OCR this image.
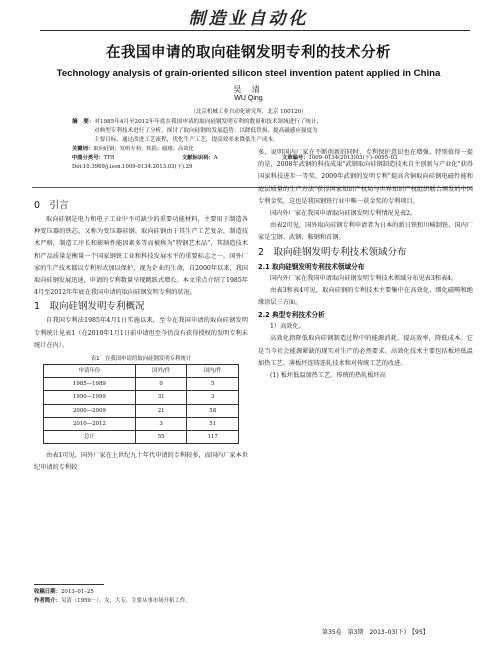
制造业自动化
在我国申请的取向硅钢发明专利的技术分析
Technology analysis of grain-oriented silicon steel invention patent applied in China
吴 清
WU Qing
（北京机械工业自动化研究所，北京 100120）
摘　要：对1985年4月至2012年年底在我国申请的取向硅钢发明专利的数量和技术领域进行了统计，
对典型专利技术进行了分析，探讨了取向硅钢的发展趋势：以降低铁损、提高磁感应强度为
主要目标，通过改进工艺流程，优化生产工艺，提高效率来降低生产成本。
关键词：取向硅钢；发明专利；铁损；磁感；高效化
中图分类号：TF8	文献标识码：A	文章编号：1009–0134(2013)03(下)–0095–03
Doi:10.3969/j.issn.1009-0134.2013.03(下).29
0　引言

取向硅钢是电力和电子工业中不可缺少的重要功能材料，主要用于制造各种变压器的铁芯，又称为变压器硅钢。取向硅钢由于其生产工艺复杂，制造技术严格，制造工序长和影响性能因素多等而被称为"特钢艺术品"，其制造技术和产品质量是衡量一个国家钢铁工业和科技发展水平的重要标志之一。国外厂家的生产技术都以专利形式加以保护，视为企业的生命，自2000年以来，我国取向硅钢发展迅速，申请的专利数量呈现跳跃式增长。本文重点介绍了1985年4月至2012年年底在我国申请的取向硅钢发明专利的状况。

1　取向硅钢发明专利概况

自我国专利法1985年4月1日实施以来，至今在我国申请的取向硅钢发明专利统计见表1（在2010年1月1日前申请但至今仍没有获得授权的发明专利未统计在内）。

表1　在我国申请的取向硅钢发明专利统计
申请年份	国外/件	国内/件
1985—1989	0	5
1990—1999	31	3
2000—2009	21	58
2010—2012	3	51
总计	55	117

由表1可见，国外厂家在上世纪九十年代申请的专利较多，而国内厂家本世纪申请的专利较

多，说明国内厂家在不断创新的同时，专利保护意识也在增强。特别值得一提的是，2008年武钢的科技成果"武钢取向硅钢制造技术自主创新与产业化"获得国家科技进步一等奖，2009年武钢的发明专利"提高含铜取向硅钢电磁性能和底层质量的生产方法"获得国家知识产权局与世界知识产权组织联合颁发的中国专利金奖，这也是我国钢铁行业中唯一获金奖的专利项目。

国内外厂家在我国申请取向硅钢发明专利情况见表2。

由表2可见，国外取向硅钢专利申请者为日本的新日铁和川崎制铁，国内厂家是宝钢、武钢、鞍钢和首钢。

2　取向硅钢发明专利技术领域分布
2.1 取向硅钢发明专利技术领域分布

国内外厂家在我国申请取向硅钢发明专利技术领域分布见表3和表4。

由表3和表4可见，取向硅钢的专利技术主要集中在高效化、细化磁畴和绝缘涂层三方面。

2.2 典型专利技术分析

1）高效化。

高效化指降低取向硅钢制造过程中的能源消耗，提高效率，降低成本。它是当今社会能源紧缺的现实对生产的必然要求。高效化技术主要包括板坯低温加热工艺、薄板坯连铸连轧技术和对传统工艺的改进。

(1) 板坯低温加热工艺。传统的热轧板坯高

收稿日期：2013–01–25
作者简介：吴清（1959－），女，大专，主要从事市场开拓工作。
第35卷　第3期　2013–03(下)　【95】
